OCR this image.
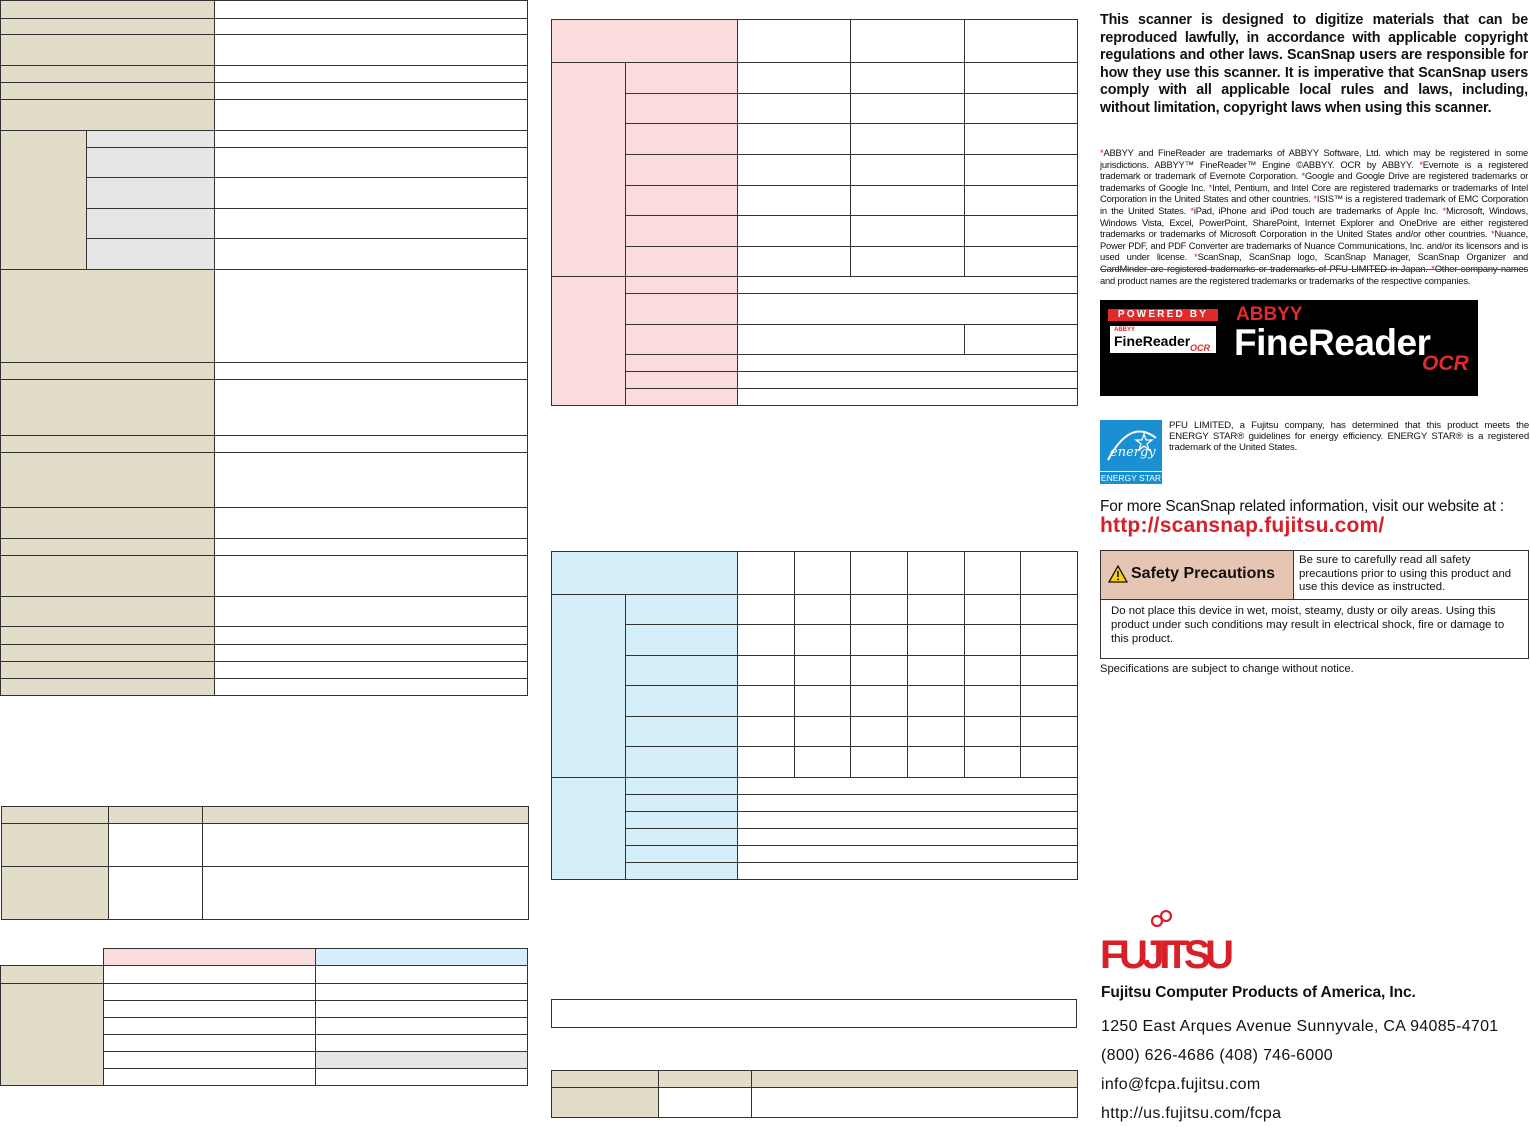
This scanner is designed to digitize materials that can be reproduced lawfully, in accordance with applicable copyright regulations and other laws. ScanSnap users are responsible for how they use this scanner. It is imperative that ScanSnap users comply with all applicable local rules and laws, including, without limitation, copyright laws when using this scanner.
*ABBYY and FineReader are trademarks of ABBYY Software, Ltd. which may be registered in some jurisdictions. ABBYY™ FineReader™ Engine ©ABBYY. OCR by ABBYY. *Evernote is a registered trademark or trademark of Evernote Corporation. *Google and Google Drive are registered trademarks or trademarks of Google Inc. *Intel, Pentium, and Intel Core are registered trademarks or trademarks of Intel Corporation in the United States and other countries. *ISIS™ is a registered trademark of EMC Corporation in the United States. *iPad, iPhone and iPod touch are trademarks of Apple Inc. *Microsoft, Windows, Windows Vista, Excel, PowerPoint, SharePoint, Internet Explorer and OneDrive are either registered trademarks or trademarks of Microsoft Corporation in the United States and/or other countries. *Nuance, Power PDF, and PDF Converter are trademarks of Nuance Communications, Inc. and/or its licensors and is used under license. *ScanSnap, ScanSnap logo, ScanSnap Manager, ScanSnap Organizer and CardMinder are registered trademarks or trademarks of PFU LIMITED in Japan. *Other company names and product names are the registered trademarks or trademarks of the respective companies.
POWERED BY
ABBYY
FineReader OCR
ABBYY
FineReader
OCR
energy
ENERGY STAR
PFU LIMITED, a Fujitsu company, has determined that this product meets the ENERGY STAR® guidelines for energy efficiency. ENERGY STAR® is a registered trademark of the United States.
For more ScanSnap related information, visit our website at :
http://scansnap.fujitsu.com/
Safety Precautions
Be sure to carefully read all safety precautions prior to using this product and use this device as instructed.
Do not place this device in wet, moist, steamy, dusty or oily areas. Using this product under such conditions may result in electrical shock, fire or damage to this product.
Specifications are subject to change without notice.
FUJITSU
Fujitsu Computer Products of America, Inc.
1250 East Arques Avenue Sunnyvale, CA 94085-4701
(800) 626-4686 (408) 746-6000
info@fcpa.fujitsu.com
http://us.fujitsu.com/fcpa
